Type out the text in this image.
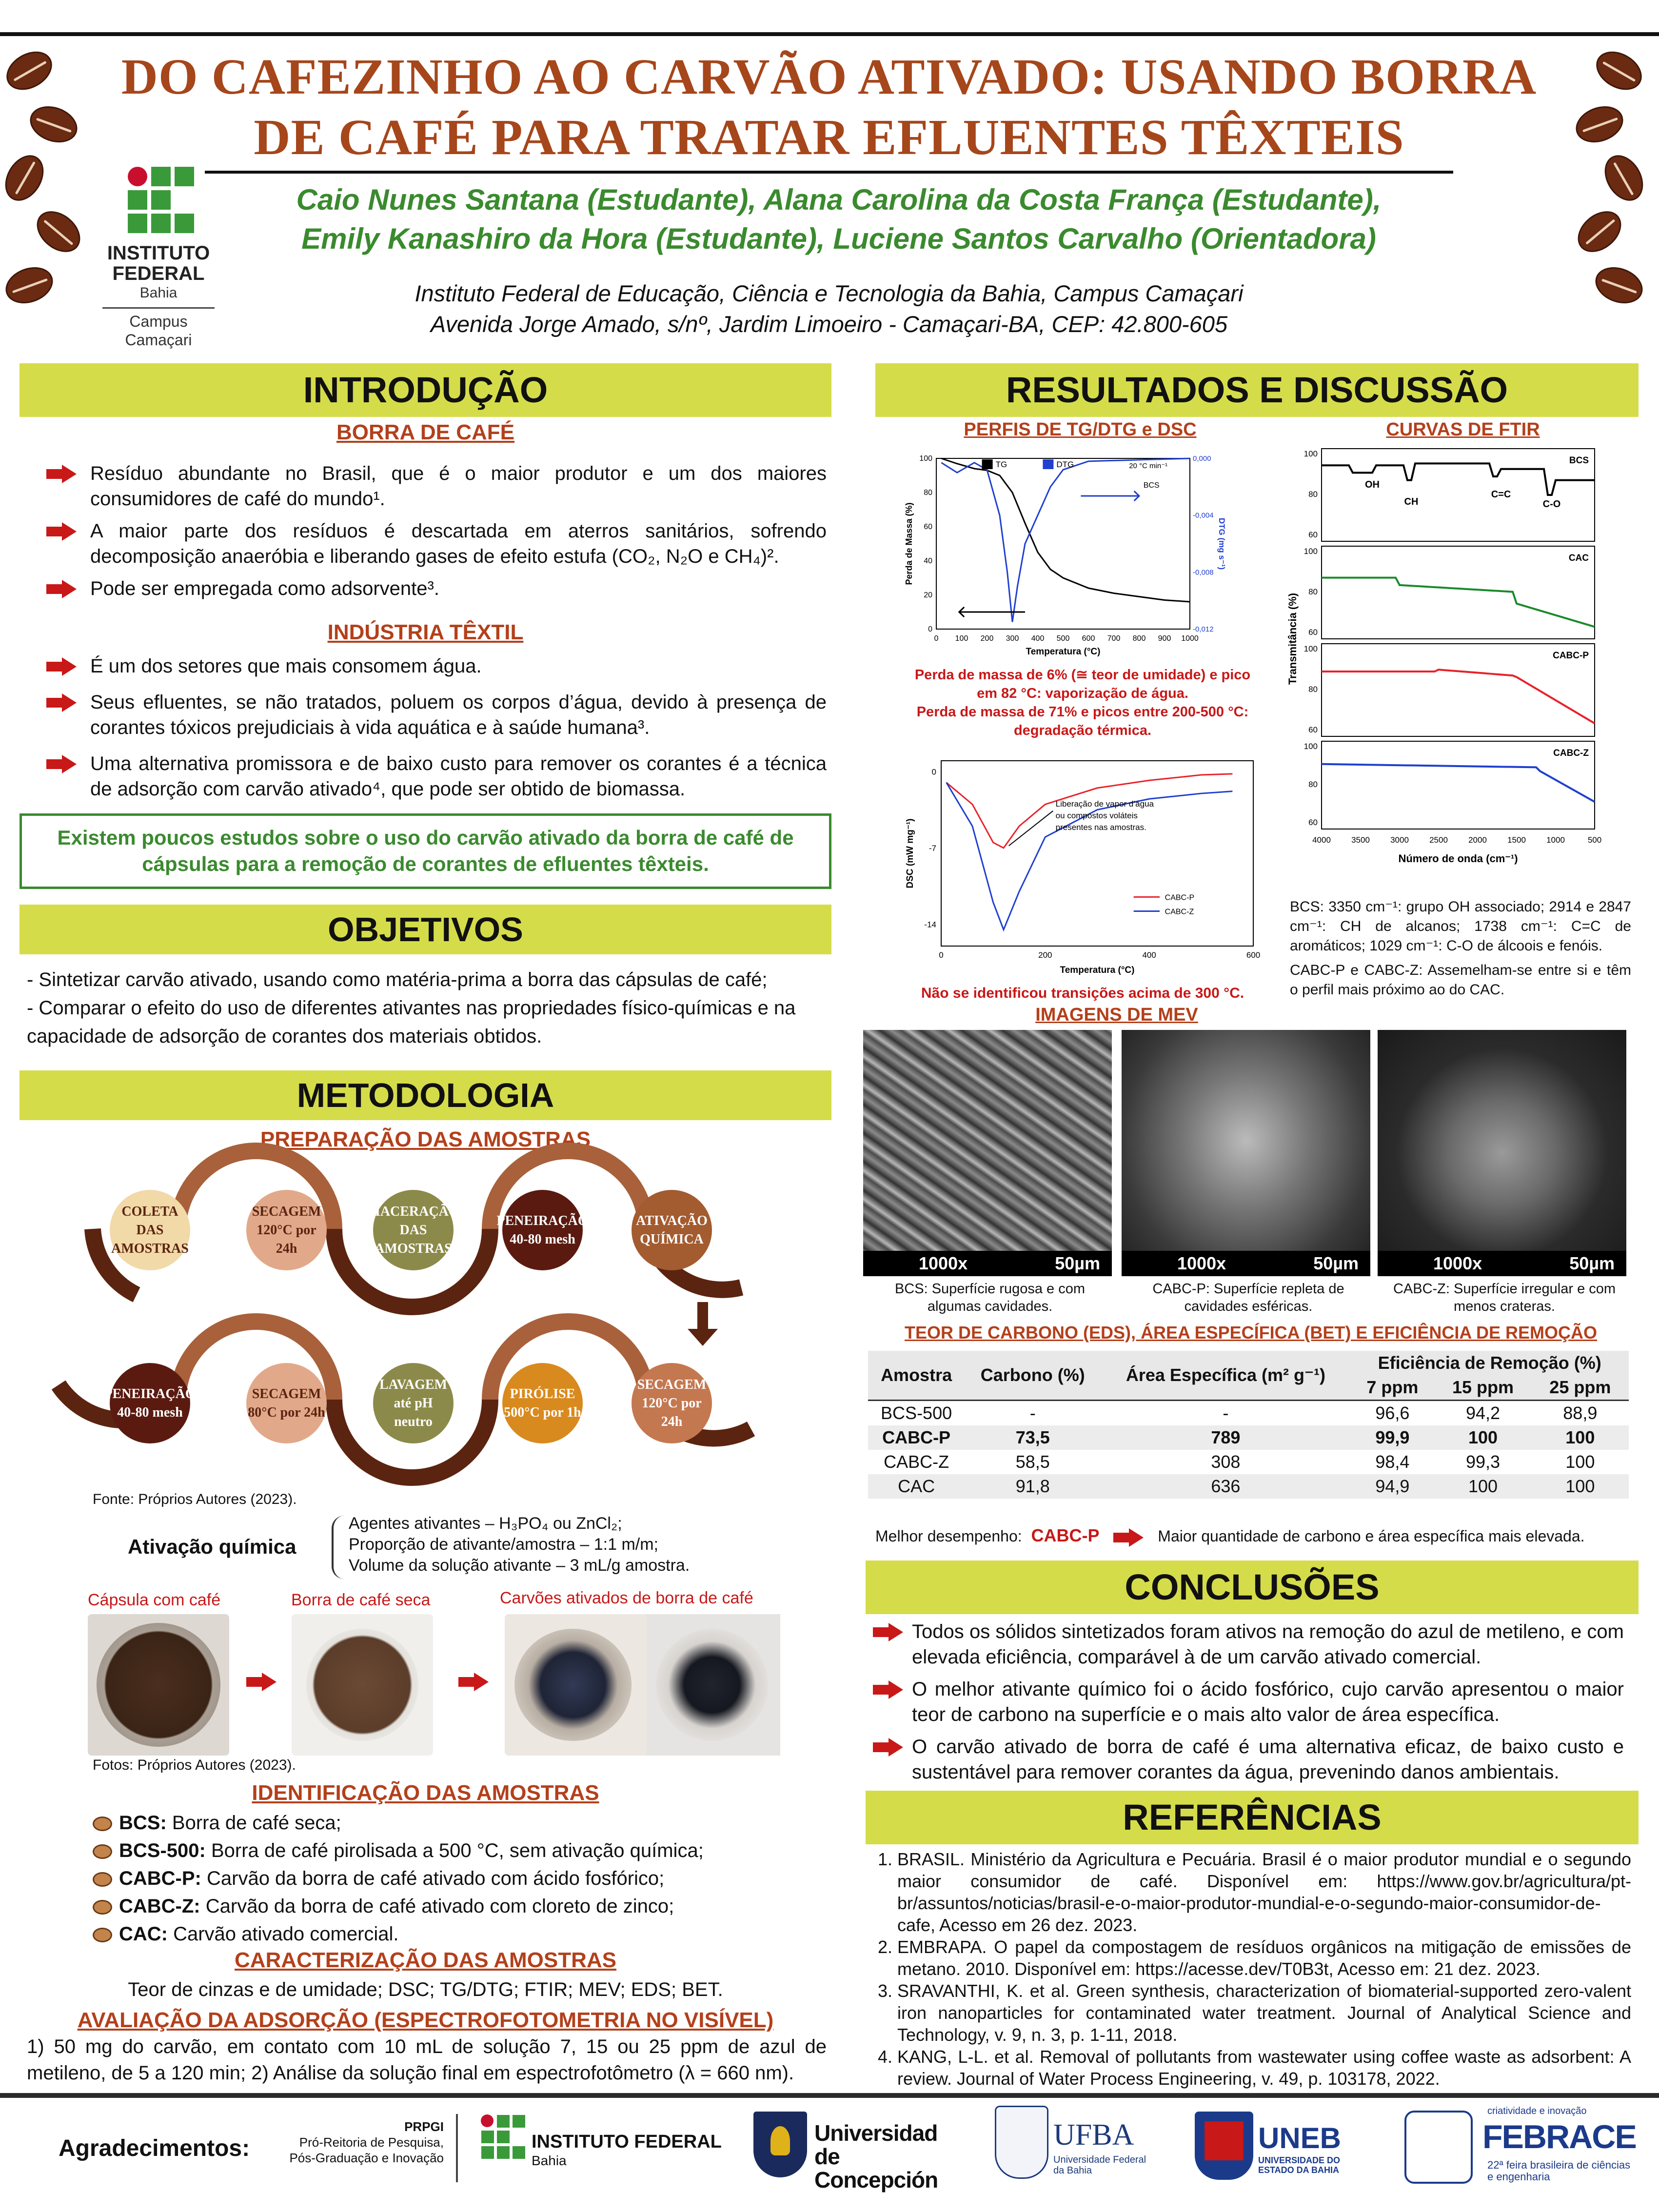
DO CAFEZINHO AO CARVÃO ATIVADO: USANDO BORRA DE CAFÉ PARA TRATAR EFLUENTES TÊXTEIS
Caio Nunes Santana (Estudante), Alana Carolina da Costa França (Estudante),
Emily Kanashiro da Hora (Estudante), Luciene Santos Carvalho (Orientadora)
Instituto Federal de Educação, Ciência e Tecnologia da Bahia, Campus Camaçari
Avenida Jorge Amado, s/nº, Jardim Limoeiro - Camaçari-BA, CEP: 42.800-605
INSTITUTO
FEDERAL
Bahia
Campus
Camaçari
INTRODUÇÃO
BORRA DE CAFÉ
Resíduo abundante no Brasil, que é o maior produtor e um dos maiores consumidores de café do mundo¹.
A maior parte dos resíduos é descartada em aterros sanitários, sofrendo decomposição anaeróbia e liberando gases de efeito estufa (CO₂, N₂O e CH₄)².
Pode ser empregada como adsorvente³.
INDÚSTRIA TÊXTIL
É um dos setores que mais consomem água.
Seus efluentes, se não tratados, poluem os corpos d’água, devido à presença de corantes tóxicos prejudiciais à vida aquática e à saúde humana³.
Uma alternativa promissora e de baixo custo para remover os corantes é a técnica de adsorção com carvão ativado⁴, que pode ser obtido de biomassa.
Existem poucos estudos sobre o uso do carvão ativado da borra de café de cápsulas para a remoção de corantes de efluentes têxteis.
OBJETIVOS
- Sintetizar carvão ativado, usando como matéria-prima a borra das cápsulas de café;
- Comparar o efeito do uso de diferentes ativantes nas propriedades físico-químicas e na capacidade de adsorção de corantes dos materiais obtidos.
METODOLOGIA
PREPARAÇÃO DAS AMOSTRAS
COLETA DAS AMOSTRAS
SECAGEM 120°C por 24h
MACERAÇÃO DAS AMOSTRAS
PENEIRAÇÃO 40-80 mesh
ATIVAÇÃO QUÍMICA
PENEIRAÇÃO 40-80 mesh
SECAGEM 80°C por 24h
LAVAGEM até pH neutro
PIRÓLISE 500°C por 1h
SECAGEM 120°C por 24h
Fonte: Próprios Autores (2023).
Ativação química
Agentes ativantes – H₃PO₄ ou ZnCl₂;
Proporção de ativante/amostra – 1:1 m/m;
Volume da solução ativante – 3 mL/g amostra.
Cápsula com café	Borra de café seca	Carvões ativados de borra de café
Fotos: Próprios Autores (2023).
IDENTIFICAÇÃO DAS AMOSTRAS
BCS: Borra de café seca;
BCS-500: Borra de café pirolisada a 500 °C, sem ativação química;
CABC-P: Carvão da borra de café ativado com ácido fosfórico;
CABC-Z: Carvão da borra de café ativado com cloreto de zinco;
CAC: Carvão ativado comercial.
CARACTERIZAÇÃO DAS AMOSTRAS
Teor de cinzas e de umidade; DSC; TG/DTG; FTIR; MEV; EDS; BET.
AVALIAÇÃO DA ADSORÇÃO (ESPECTROFOTOMETRIA NO VISÍVEL)
1) 50 mg do carvão, em contato com 10 mL de solução 7, 15 ou 25 ppm de azul de metileno, de 5 a 120 min; 2) Análise da solução final em espectrofotômetro (λ = 660 nm).
RESULTADOS E DISCUSSÃO
PERFIS DE TG/DTG e DSC	CURVAS DE FTIR
0 100 200 300 400 500 600 700 800 900 1000
0
20
40
60
80
100	0,000
-0,004
-0,008
-0,012
Temperatura (°C)
Perda de Massa (%)	DTG (mg s⁻¹)
TG	DTG	20 °C min⁻¹
BCS
Perda de massa de 6% (≅ teor de umidade) e pico em 82 °C: vaporização de água.
Perda de massa de 71% e picos entre 200-500 °C: degradação térmica.
0	200	400	600
0
-7
-14
Temperatura (°C)
DSC (mW mg⁻¹)
CABC-P
CABC-Z
Liberação de vapor d’água
ou compostos voláteis
presentes nas amostras.
Não se identificou transições acima de 300 °C.
100
80
60
BCS
100
80
60
CAC
100
80
60
CABC-P
100
80
60
CABC-Z
OH
CH
C=C
C-O
4000 3500 3000 2500 2000 1500 1000	500
Número de onda (cm⁻¹)
Transmitância (%)
BCS: 3350 cm⁻¹: grupo OH associado; 2914 e 2847 cm⁻¹: CH de alcanos; 1738 cm⁻¹: C=C de aromáticos; 1029 cm⁻¹: C-O de álcoois e fenóis.
CABC-P e CABC-Z: Assemelham-se entre si e têm o perfil mais próximo ao do CAC.
IMAGENS DE MEV
1000x	50µm	1000x	50µm	1000x	50µm
BCS: Superfície rugosa e com algumas cavidades.
CABC-P: Superfície repleta de cavidades esféricas.
CABC-Z: Superfície irregular e com menos crateras.
TEOR DE CARBONO (EDS), ÁREA ESPECÍFICA (BET) E EFICIÊNCIA DE REMOÇÃO
Amostra	Carbono (%)	Área Específica (m² g⁻¹)	Eficiência de Remoção (%)		
			7 ppm	15 ppm	25 ppm
BCS-500	-	-	96,6	94,2	88,9
CABC-P	73,5	789	99,9	100	100
CABC-Z	58,5	308	98,4	99,3	100
CAC	91,8	636	94,9	100	100
Melhor desempenho: CABC-P	Maior quantidade de carbono e área específica mais elevada.
CONCLUSÕES
Todos os sólidos sintetizados foram ativos na remoção do azul de metileno, e com elevada eficiência, comparável à de um carvão ativado comercial.
O melhor ativante químico foi o ácido fosfórico, cujo carvão apresentou o maior teor de carbono na superfície e o mais alto valor de área específica.
O carvão ativado de borra de café é uma alternativa eficaz, de baixo custo e sustentável para remover corantes da água, prevenindo danos ambientais.
REFERÊNCIAS
1. BRASIL. Ministério da Agricultura e Pecuária. Brasil é o maior produtor mundial e o segundo maior consumidor de café. Disponível em: https://www.gov.br/agricultura/pt-br/assuntos/noticias/brasil-e-o-maior-produtor-mundial-e-o-segundo-maior-consumidor-de-cafe, Acesso em 26 dez. 2023.
2. EMBRAPA. O papel da compostagem de resíduos orgânicos na mitigação de emissões de metano. 2010. Disponível em: https://acesse.dev/T0B3t, Acesso em: 21 dez. 2023.
3. SRAVANTHI, K. et al. Green synthesis, characterization of biomaterial-supported zero-valent iron nanoparticles for contaminated water treatment. Journal of Analytical Science and Technology, v. 9, n. 3, p. 1-11, 2018.
4. KANG, L-L. et al. Removal of pollutants from wastewater using coffee waste as adsorbent: A review. Journal of Water Process Engineering, v. 49, p. 103178, 2022.
Agradecimentos:
PRPGI
Pró-Reitoria de Pesquisa,
Pós-Graduação e Inovação
INSTITUTO FEDERAL
Bahia
Universidad
de Concepción
UFBA
Universidade Federal da Bahia
UNEB
UNIVERSIDADE DO ESTADO DA BAHIA
criatividade e inovação
FEBRACE
22ª feira brasileira de ciências e engenharia
